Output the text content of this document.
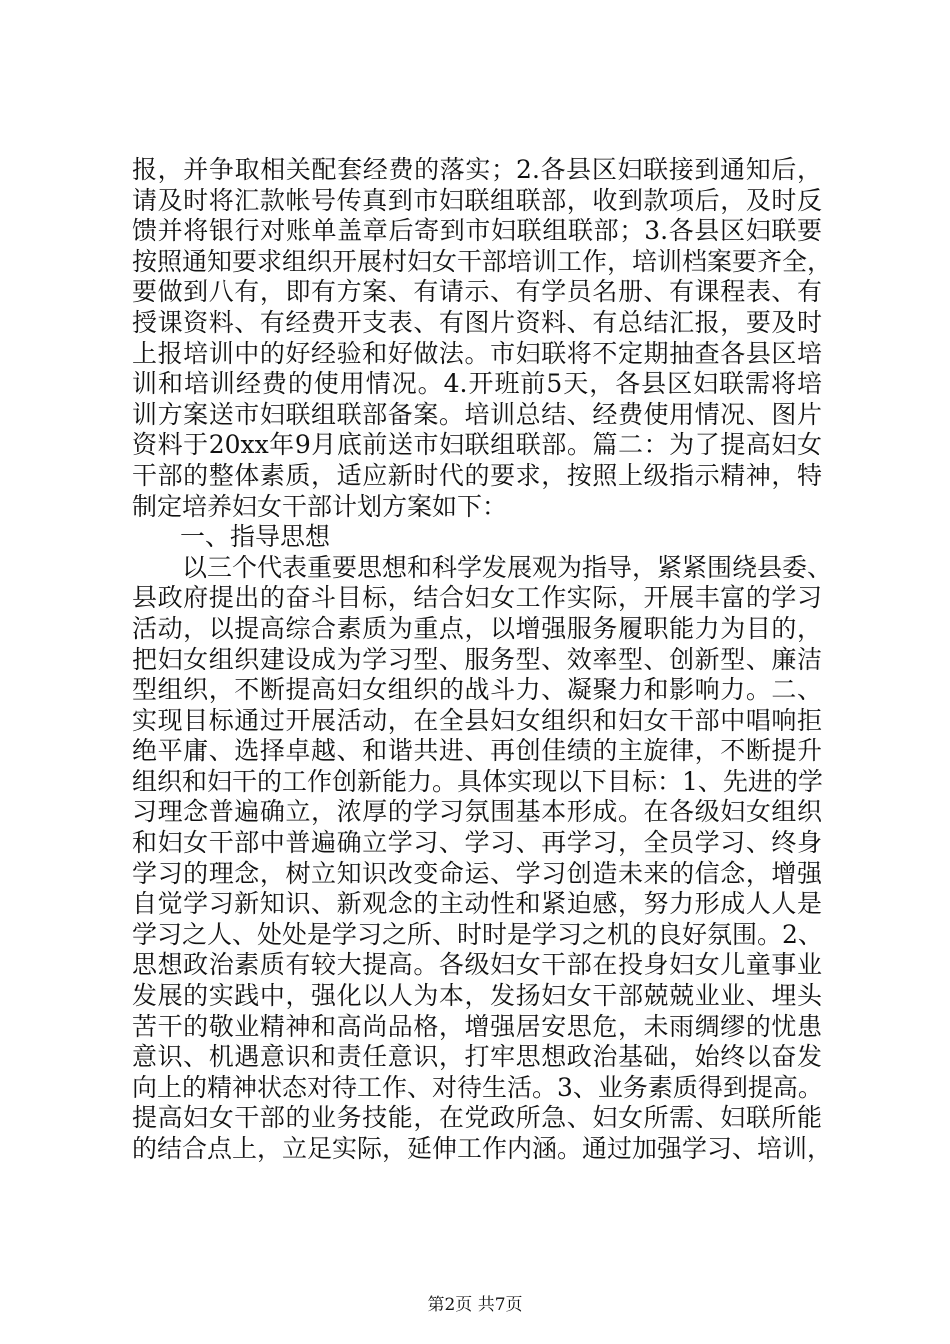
报，并争取相关配套经费的落实；2.各县区妇联接到通知后，
请及时将汇款帐号传真到市妇联组联部，收到款项后，及时反
馈并将银行对账单盖章后寄到市妇联组联部；3.各县区妇联要
按照通知要求组织开展村妇女干部培训工作，培训档案要齐全，
要做到八有，即有方案、有请示、有学员名册、有课程表、有
授课资料、有经费开支表、有图片资料、有总结汇报，要及时
上报培训中的好经验和好做法。市妇联将不定期抽查各县区培
训和培训经费的使用情况。4.开班前5天，各县区妇联需将培
训方案送市妇联组联部备案。培训总结、经费使用情况、图片
资料于20xx年9月底前送市妇联组联部。篇二：为了提高妇女
干部的整体素质，适应新时代的要求，按照上级指示精神，特
制定培养妇女干部计划方案如下：
一、指导思想
以三个代表重要思想和科学发展观为指导，紧紧围绕县委、
县政府提出的奋斗目标，结合妇女工作实际，开展丰富的学习
活动，以提高综合素质为重点，以增强服务履职能力为目的，
把妇女组织建设成为学习型、服务型、效率型、创新型、廉洁
型组织，不断提高妇女组织的战斗力、凝聚力和影响力。二、
实现目标通过开展活动，在全县妇女组织和妇女干部中唱响拒
绝平庸、选择卓越、和谐共进、再创佳绩的主旋律，不断提升
组织和妇干的工作创新能力。具体实现以下目标：1、先进的学
习理念普遍确立，浓厚的学习氛围基本形成。在各级妇女组织
和妇女干部中普遍确立学习、学习、再学习，全员学习、终身
学习的理念，树立知识改变命运、学习创造未来的信念，增强
自觉学习新知识、新观念的主动性和紧迫感，努力形成人人是
学习之人、处处是学习之所、时时是学习之机的良好氛围。2、
思想政治素质有较大提高。各级妇女干部在投身妇女儿童事业
发展的实践中，强化以人为本，发扬妇女干部兢兢业业、埋头
苦干的敬业精神和高尚品格，增强居安思危，未雨绸缪的忧患
意识、机遇意识和责任意识，打牢思想政治基础，始终以奋发
向上的精神状态对待工作、对待生活。3、业务素质得到提高。
提高妇女干部的业务技能，在党政所急、妇女所需、妇联所能
的结合点上，立足实际，延伸工作内涵。通过加强学习、培训，
第2页 共7页
